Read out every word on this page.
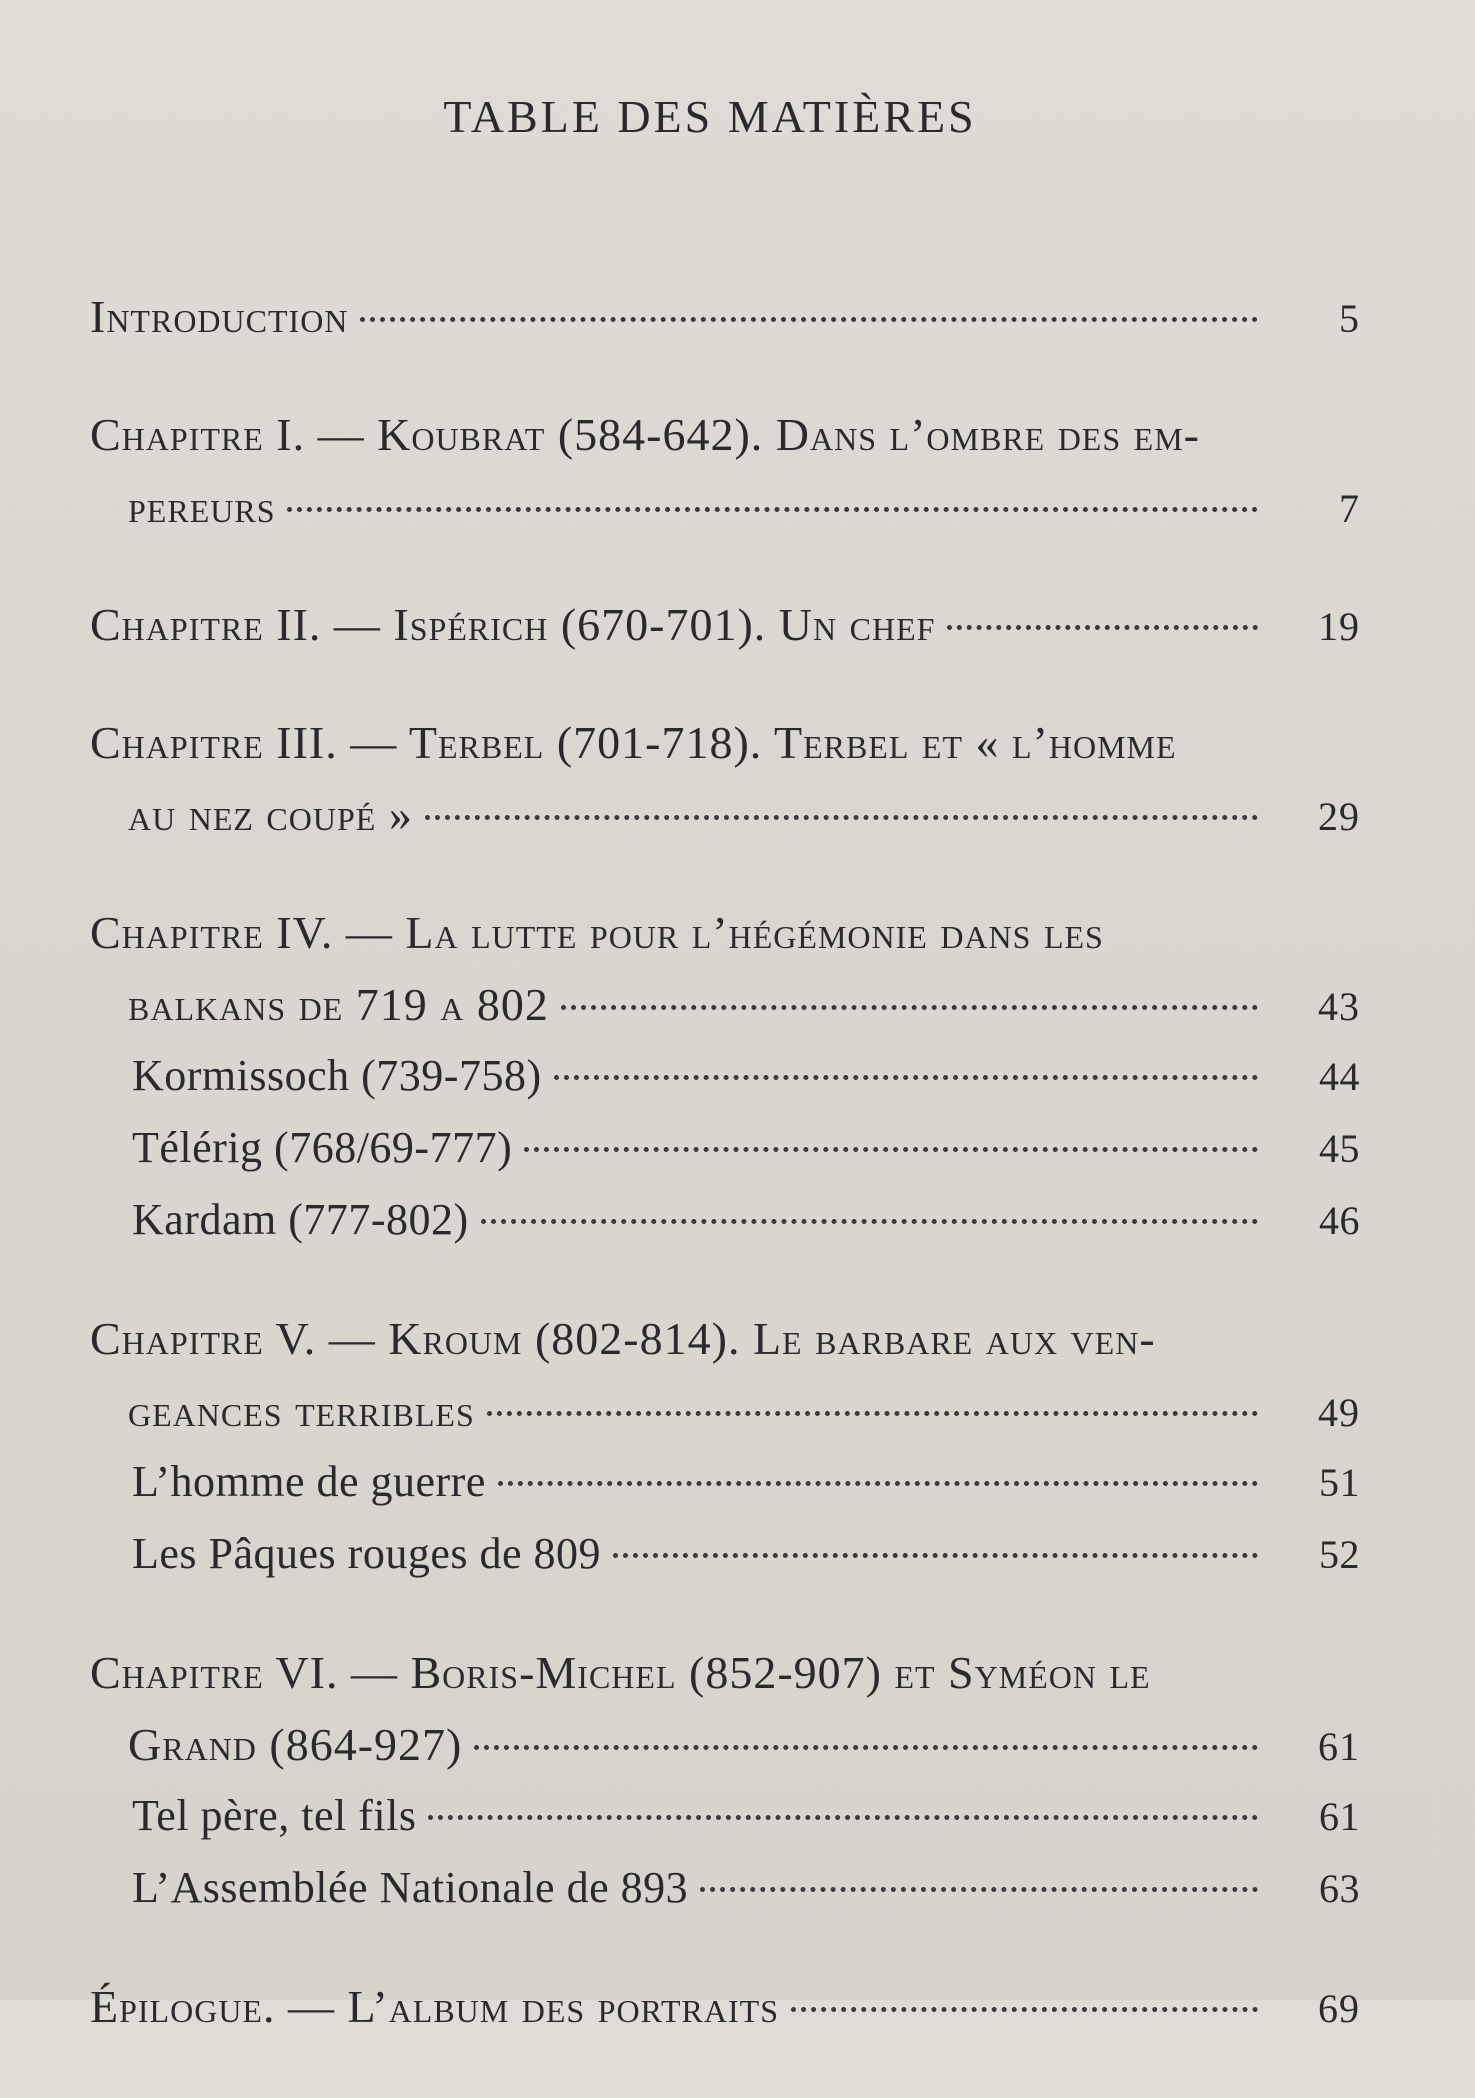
TABLE DES MATIÈRES
Introduction	5
Chapitre I. — Koubrat (584-642). Dans l’ombre des em-
pereurs	7
Chapitre II. — Ispérich (670-701). Un chef	19
Chapitre III. — Terbel (701-718). Terbel et « l’homme
au nez coupé »	29
Chapitre IV. — La lutte pour l’hégémonie dans les
balkans de 719 a 802	43
Kormissoch (739-758)	44
Télérig (768/69-777)	45
Kardam (777-802)	46
Chapitre V. — Kroum (802-814). Le barbare aux ven-
geances terribles	49
L’homme de guerre	51
Les Pâques rouges de 809	52
Chapitre VI. — Boris-Michel (852-907) et Syméon le
Grand (864-927)	61
Tel père, tel fils	61
L’Assemblée Nationale de 893	63
Épilogue. — L’album des portraits	69
